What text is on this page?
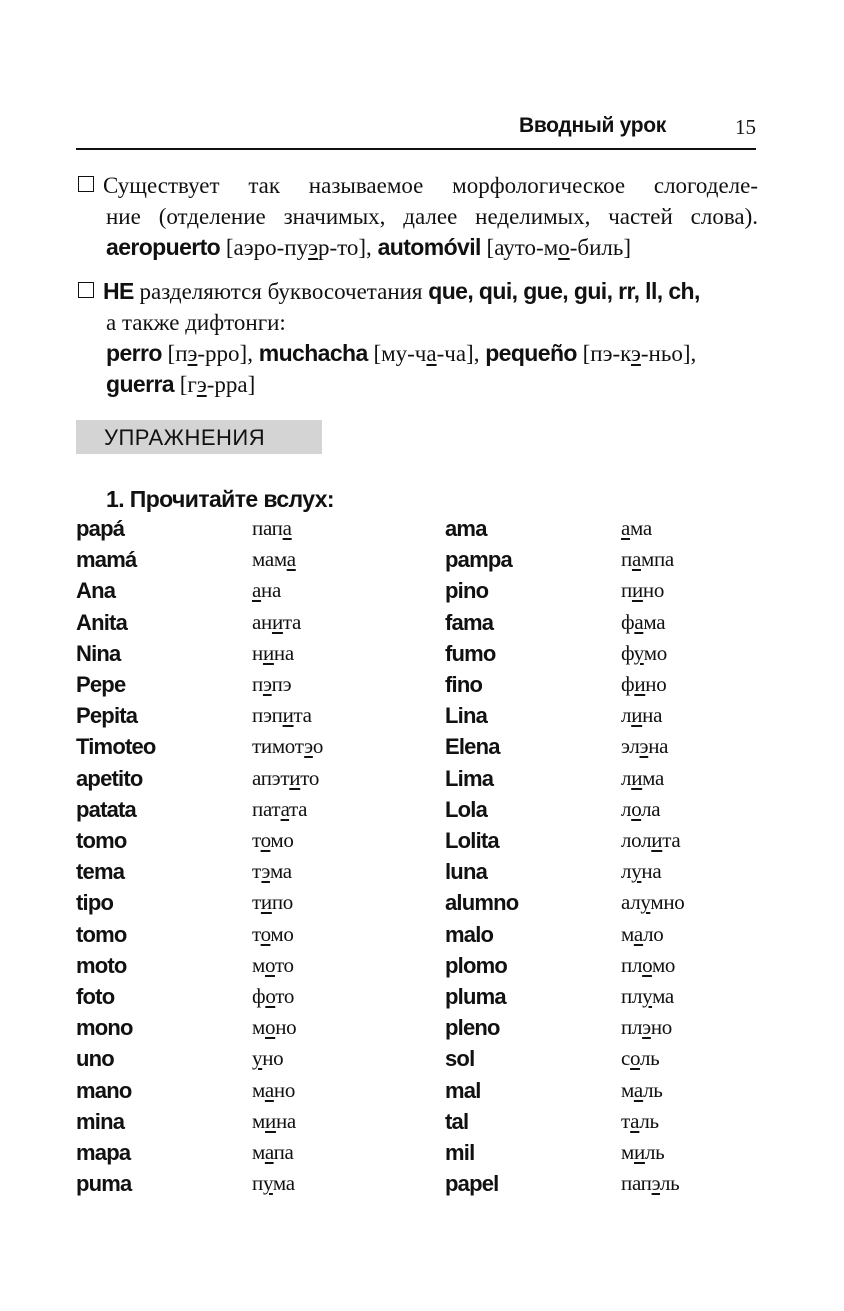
Вводный урок	15
Существует так называемое морфологическое слогоделе-
ние (отделение значимых, далее неделимых, частей слова).
aeropuerto [аэро-пуэр-то], automóvil [ауто-мо-биль]
НЕ разделяются буквосочетания que, qui, gue, gui, rr, ll, ch,
а также дифтонги:
perro [пэ-рро], muchacha [му-ча-ча], pequeño [пэ-кэ-ньо],
guerra [гэ-рра]
УПРАЖНЕНИЯ
1. Прочитайте вслух:
papá	папа	ama	ама
mamá	мама	pampa	пампа
Ana	ана	pino	пино
Anita	анита	fama	фама
Nina	нина	fumo	фумо
Pepe	пэпэ	fino	фино
Pepita	пэпита	Lina	лина
Timoteo	тимотэо	Elena	элэна
apetito	апэтито	Lima	лима
patata	патата	Lola	лола
tomo	томо	Lolita	лолита
tema	тэма	luna	луна
tipo	типо	alumno	алумно
tomo	томо	malo	мало
moto	мото	plomo	пломо
foto	фото	pluma	плума
mono	моно	pleno	плэно
uno	уно	sol	соль
mano	мано	mal	маль
mina	мина	tal	таль
mapa	мапа	mil	миль
puma	пума	papel	папэль
